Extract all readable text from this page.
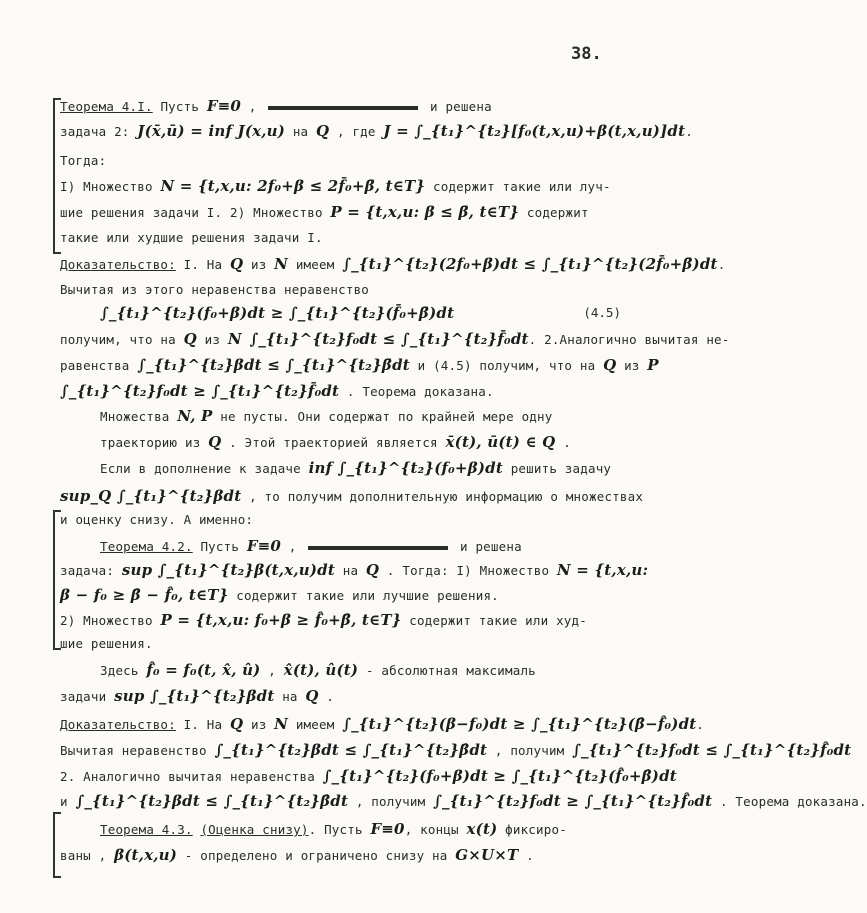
38.
Теорема 4.I. Пусть F≡0 ,	и решена
задача 2: J(x̄,ū) = inf J(x,u) на Q , где J = ∫_{t₁}^{t₂}[f₀(t,x,u)+β(t,x,u)]dt.
Тогда:
I) Множество N = {t,x,u: 2f₀+β ≤ 2f̄₀+β̄, t∈T} содержит такие или луч-
шие решения задачи I. 2) Множество P = {t,x,u: β ≤ β̄, t∈T} содержит
такие или худшие решения задачи I.
Доказательство: I. На Q из N имеем ∫_{t₁}^{t₂}(2f₀+β)dt ≤ ∫_{t₁}^{t₂}(2f̄₀+β̄)dt.
Вычитая из этого неравенства неравенство
∫_{t₁}^{t₂}(f₀+β)dt ≥ ∫_{t₁}^{t₂}(f̄₀+β̄)dt	(4.5)
получим, что на Q из N ∫_{t₁}^{t₂}f₀dt ≤ ∫_{t₁}^{t₂}f̄₀dt. 2.Аналогично вычитая не-
равенства ∫_{t₁}^{t₂}βdt ≤ ∫_{t₁}^{t₂}β̄dt и (4.5) получим, что на Q из P
∫_{t₁}^{t₂}f₀dt ≥ ∫_{t₁}^{t₂}f̄₀dt . Теорема доказана.
Множества N, P не пусты. Они содержат по крайней мере одну
траекторию из Q . Этой траекторией является x̄(t), ū(t) ∈ Q .
Если в дополнение к задаче inf ∫_{t₁}^{t₂}(f₀+β)dt решить задачу
sup_Q ∫_{t₁}^{t₂}βdt , то получим дополнительную информацию о множествах
и оценку снизу. А именно:
Теорема 4.2. Пусть F≡0 ,	и решена
задача: sup ∫_{t₁}^{t₂}β(t,x,u)dt на Q . Тогда: I) Множество N = {t,x,u:
β − f₀ ≥ β̂ − f̂₀, t∈T} содержит такие или лучшие решения.
2) Множество P = {t,x,u: f₀+β ≥ f̂₀+β̂, t∈T} содержит такие или худ-
шие решения.
Здесь f̂₀ = f₀(t, x̂, û) , x̂(t), û(t) - абсолютная максималь
задачи sup ∫_{t₁}^{t₂}βdt на Q .
Доказательство: I. На Q из N имеем ∫_{t₁}^{t₂}(β−f₀)dt ≥ ∫_{t₁}^{t₂}(β̂−f̂₀)dt.
Вычитая неравенство ∫_{t₁}^{t₂}βdt ≤ ∫_{t₁}^{t₂}β̂dt , получим ∫_{t₁}^{t₂}f₀dt ≤ ∫_{t₁}^{t₂}f̂₀dt
2. Аналогично вычитая неравенства ∫_{t₁}^{t₂}(f₀+β)dt ≥ ∫_{t₁}^{t₂}(f̂₀+β̂)dt
и ∫_{t₁}^{t₂}βdt ≤ ∫_{t₁}^{t₂}β̂dt , получим ∫_{t₁}^{t₂}f₀dt ≥ ∫_{t₁}^{t₂}f̂₀dt . Теорема доказана.
Теорема 4.3. (Оценка снизу). Пусть F≡0, концы x(t) фиксиро-
ваны , β(t,x,u) - определено и ограничено снизу на G×U×T .
